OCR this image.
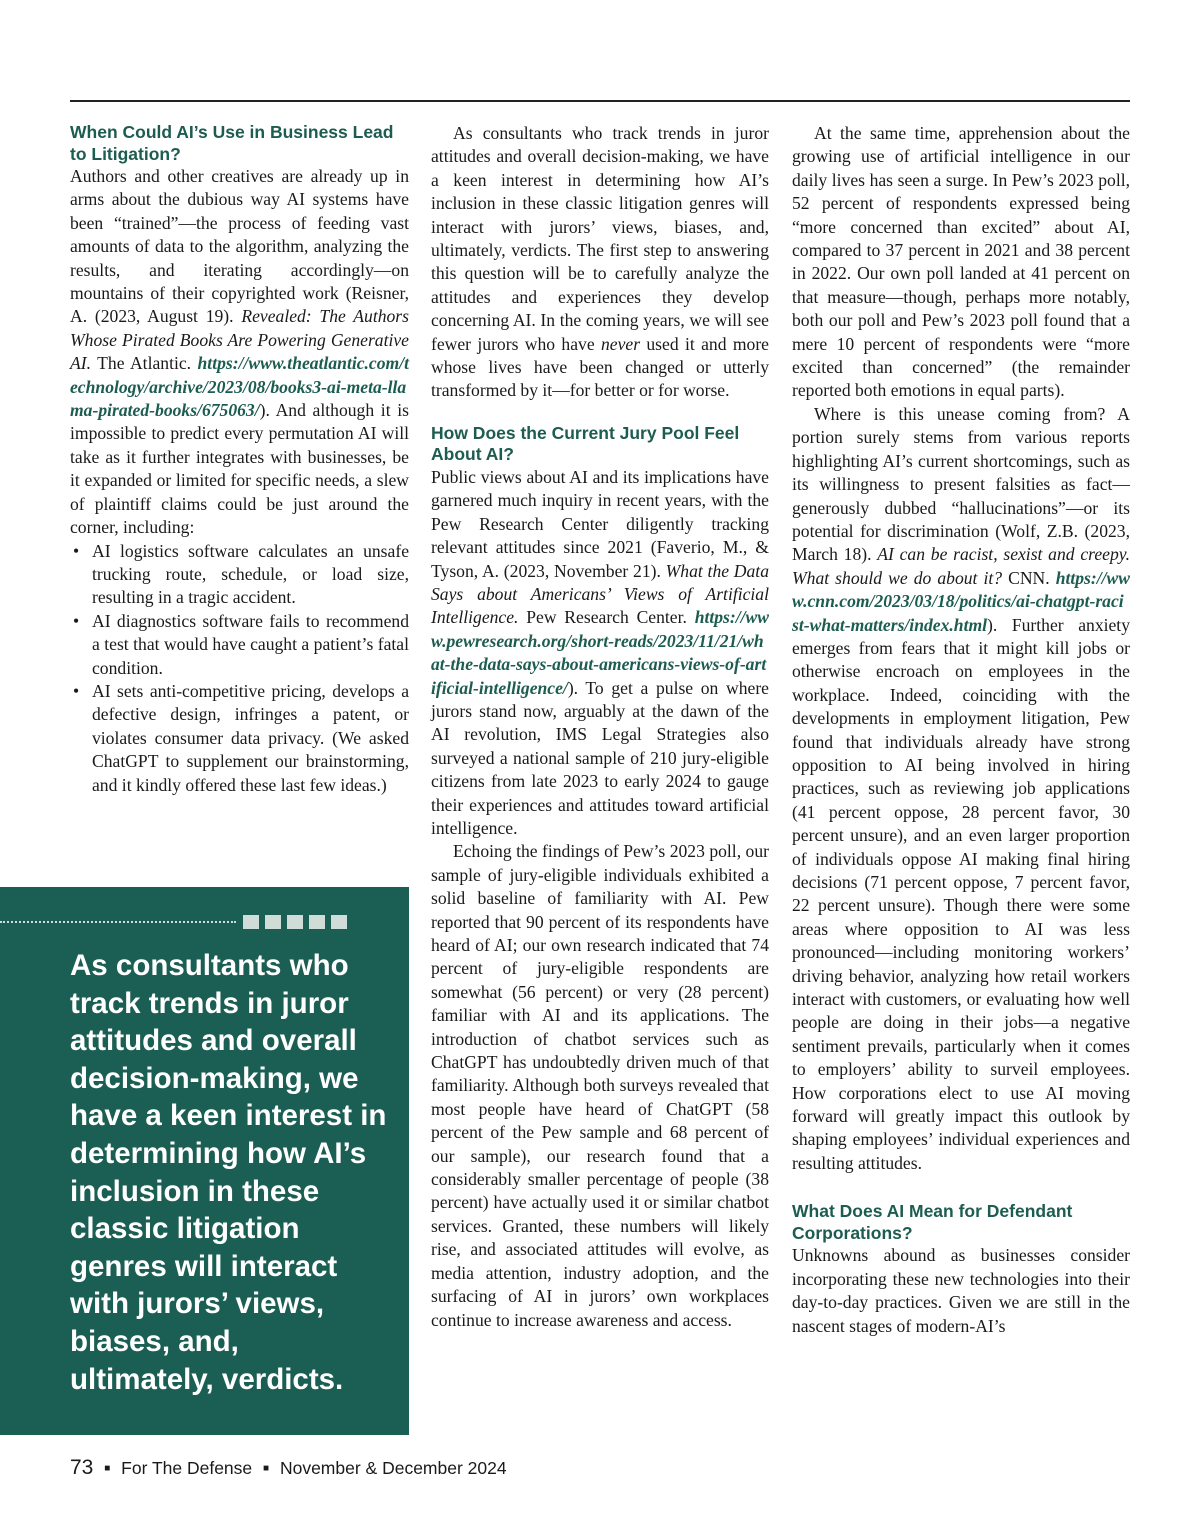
When Could AI’s Use in Business Lead to Litigation?

Authors and other creatives are already up in arms about the dubious way AI systems have been “trained”—the process of feeding vast amounts of data to the algorithm, analyzing the results, and iterating accordingly—on mountains of their copyrighted work (Reisner, A. (2023, August 19). Revealed: The Authors Whose Pirated Books Are Powering Generative AI. The Atlantic. https://www.theatlantic.com/technology/archive/2023/08/books3-ai-meta-llama-pirated-books/675063/). And although it is impossible to predict every permutation AI will take as it further integrates with businesses, be it expanded or limited for specific needs, a slew of plaintiff claims could be just around the corner, including:

• AI logistics software calculates an unsafe trucking route, schedule, or load size, resulting in a tragic accident.
• AI diagnostics software fails to recommend a test that would have caught a patient’s fatal condition.
• AI sets anti-competitive pricing, develops a defective design, infringes a patent, or violates consumer data privacy. (We asked ChatGPT to supplement our brainstorming, and it kindly offered these last few ideas.)

As consultants who track trends in juror attitudes and overall decision-making, we have a keen interest in determining how AI’s inclusion in these classic litigation genres will interact with jurors’ views, biases, and, ultimately, verdicts.

As consultants who track trends in juror attitudes and overall decision-making, we have a keen interest in determining how AI’s inclusion in these classic litigation genres will interact with jurors’ views, biases, and, ultimately, verdicts. The first step to answering this question will be to carefully analyze the attitudes and experiences they develop concerning AI. In the coming years, we will see fewer jurors who have never used it and more whose lives have been changed or utterly transformed by it—for better or for worse.

How Does the Current Jury Pool Feel About AI?

Public views about AI and its implications have garnered much inquiry in recent years, with the Pew Research Center diligently tracking relevant attitudes since 2021 (Faverio, M., & Tyson, A. (2023, November 21). What the Data Says about Americans’ Views of Artificial Intelligence. Pew Research Center. https://www.pewresearch.org/short-reads/2023/11/21/what-the-data-says-about-americans-views-of-artificial-intelligence/). To get a pulse on where jurors stand now, arguably at the dawn of the AI revolution, IMS Legal Strategies also surveyed a national sample of 210 jury-eligible citizens from late 2023 to early 2024 to gauge their experiences and attitudes toward artificial intelligence.

Echoing the findings of Pew’s 2023 poll, our sample of jury-eligible individuals exhibited a solid baseline of familiarity with AI. Pew reported that 90 percent of its respondents have heard of AI; our own research indicated that 74 percent of jury-eligible respondents are somewhat (56 percent) or very (28 percent) familiar with AI and its applications. The introduction of chatbot services such as ChatGPT has undoubtedly driven much of that familiarity. Although both surveys revealed that most people have heard of ChatGPT (58 percent of the Pew sample and 68 percent of our sample), our research found that a considerably smaller percentage of people (38 percent) have actually used it or similar chatbot services. Granted, these numbers will likely rise, and associated attitudes will evolve, as media attention, industry adoption, and the surfacing of AI in jurors’ own workplaces continue to increase awareness and access.

At the same time, apprehension about the growing use of artificial intelligence in our daily lives has seen a surge. In Pew’s 2023 poll, 52 percent of respondents expressed being “more concerned than excited” about AI, compared to 37 percent in 2021 and 38 percent in 2022. Our own poll landed at 41 percent on that measure—though, perhaps more notably, both our poll and Pew’s 2023 poll found that a mere 10 percent of respondents were “more excited than concerned” (the remainder reported both emotions in equal parts).

Where is this unease coming from? A portion surely stems from various reports highlighting AI’s current shortcomings, such as its willingness to present falsities as fact—generously dubbed “hallucinations”—or its potential for discrimination (Wolf, Z.B. (2023, March 18). AI can be racist, sexist and creepy. What should we do about it? CNN. https://www.cnn.com/2023/03/18/politics/ai-chatgpt-racist-what-matters/index.html). Further anxiety emerges from fears that it might kill jobs or otherwise encroach on employees in the workplace. Indeed, coinciding with the developments in employment litigation, Pew found that individuals already have strong opposition to AI being involved in hiring practices, such as reviewing job applications (41 percent oppose, 28 percent favor, 30 percent unsure), and an even larger proportion of individuals oppose AI making final hiring decisions (71 percent oppose, 7 percent favor, 22 percent unsure). Though there were some areas where opposition to AI was less pronounced—including monitoring workers’ driving behavior, analyzing how retail workers interact with customers, or evaluating how well people are doing in their jobs—a negative sentiment prevails, particularly when it comes to employers’ ability to surveil employees. How corporations elect to use AI moving forward will greatly impact this outlook by shaping employees’ individual experiences and resulting attitudes.

What Does AI Mean for Defendant Corporations?

Unknowns abound as businesses consider incorporating these new technologies into their day-to-day practices. Given we are still in the nascent stages of modern-AI’s

73 ■ For The Defense ■ November & December 2024
